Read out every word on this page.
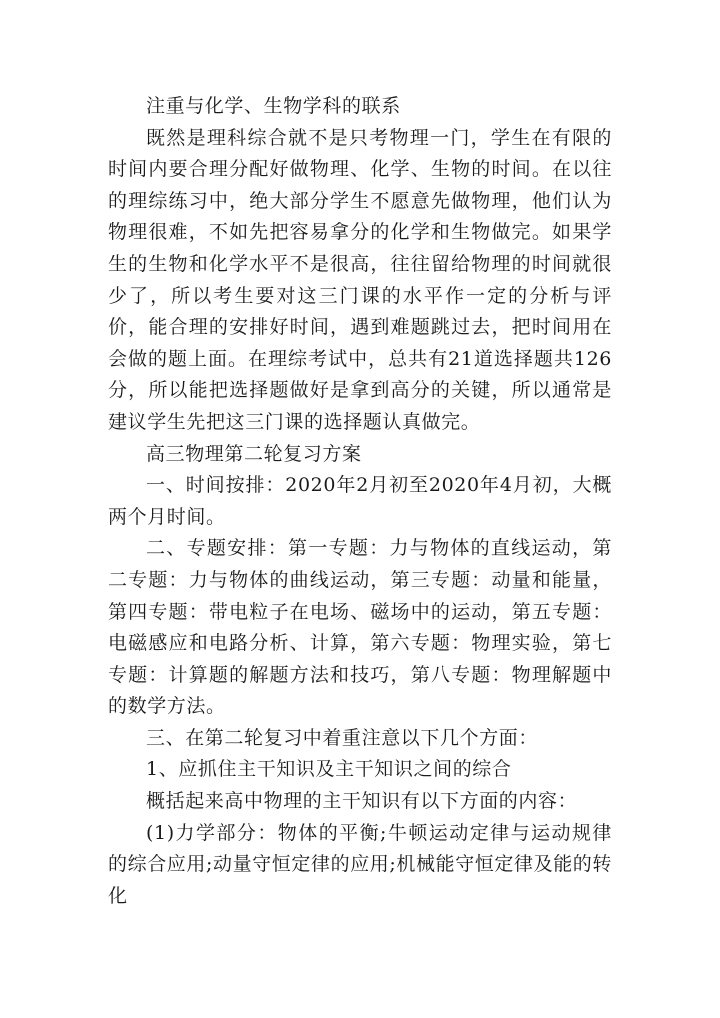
注重与化学、生物学科的联系

既然是理科综合就不是只考物理一门，学生在有限的时间内要合理分配好做物理、化学、生物的时间。在以往的理综练习中，绝大部分学生不愿意先做物理，他们认为物理很难，不如先把容易拿分的化学和生物做完。如果学生的生物和化学水平不是很高，往往留给物理的时间就很少了，所以考生要对这三门课的水平作一定的分析与评价，能合理的安排好时间，遇到难题跳过去，把时间用在会做的题上面。在理综考试中，总共有21道选择题共126分，所以能把选择题做好是拿到高分的关键，所以通常是建议学生先把这三门课的选择题认真做完。

高三物理第二轮复习方案

一、时间按排：2020年2月初至2020年4月初，大概两个月时间。

二、专题安排：第一专题：力与物体的直线运动，第二专题：力与物体的曲线运动，第三专题：动量和能量，第四专题：带电粒子在电场、磁场中的运动，第五专题：电磁感应和电路分析、计算，第六专题：物理实验，第七专题：计算题的解题方法和技巧，第八专题：物理解题中的数学方法。

三、在第二轮复习中着重注意以下几个方面：

1、应抓住主干知识及主干知识之间的综合

概括起来高中物理的主干知识有以下方面的内容：

(1)力学部分：物体的平衡;牛顿运动定律与运动规律的综合应用;动量守恒定律的应用;机械能守恒定律及能的转化
